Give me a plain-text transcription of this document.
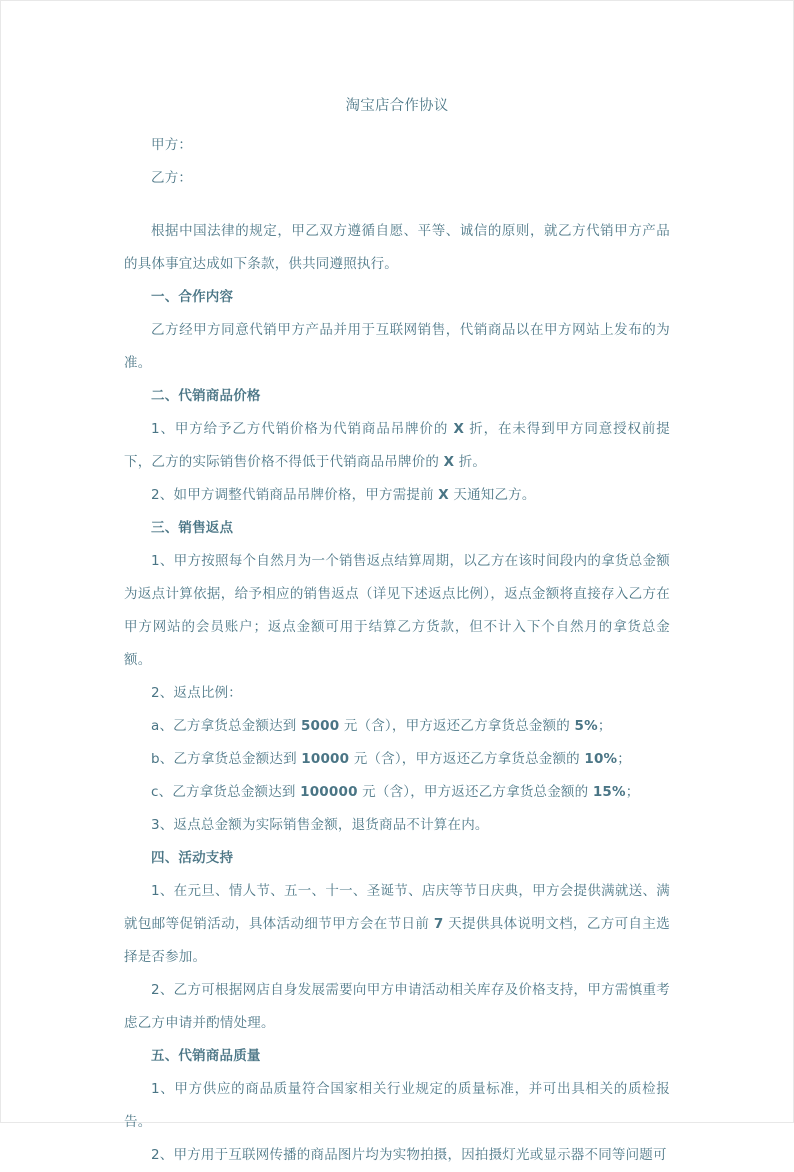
淘宝店合作协议
甲方：
乙方：
根据中国法律的规定，甲乙双方遵循自愿、平等、诚信的原则，就乙方代销甲方产品的具体事宜达成如下条款，供共同遵照执行。
一、合作内容
乙方经甲方同意代销甲方产品并用于互联网销售，代销商品以在甲方网站上发布的为准。
二、代销商品价格
1、甲方给予乙方代销价格为代销商品吊牌价的 X 折，在未得到甲方同意授权前提下，乙方的实际销售价格不得低于代销商品吊牌价的 X 折。
2、如甲方调整代销商品吊牌价格，甲方需提前 X 天通知乙方。
三、销售返点
1、甲方按照每个自然月为一个销售返点结算周期，以乙方在该时间段内的拿货总金额为返点计算依据，给予相应的销售返点（详见下述返点比例），返点金额将直接存入乙方在甲方网站的会员账户；返点金额可用于结算乙方货款，但不计入下个自然月的拿货总金额。
2、返点比例：
a、乙方拿货总金额达到 5000 元（含），甲方返还乙方拿货总金额的 5%；
b、乙方拿货总金额达到 10000 元（含），甲方返还乙方拿货总金额的 10%；
c、乙方拿货总金额达到 100000 元（含），甲方返还乙方拿货总金额的 15%；
3、返点总金额为实际销售金额，退货商品不计算在内。
四、活动支持
1、在元旦、情人节、五一、十一、圣诞节、店庆等节日庆典，甲方会提供满就送、满就包邮等促销活动，具体活动细节甲方会在节日前 7 天提供具体说明文档，乙方可自主选择是否参加。
2、乙方可根据网店自身发展需要向甲方申请活动相关库存及价格支持，甲方需慎重考虑乙方申请并酌情处理。
五、代销商品质量
1、甲方供应的商品质量符合国家相关行业规定的质量标准，并可出具相关的质检报告。
2、甲方用于互联网传播的商品图片均为实物拍摄，因拍摄灯光或显示器不同等问题可
